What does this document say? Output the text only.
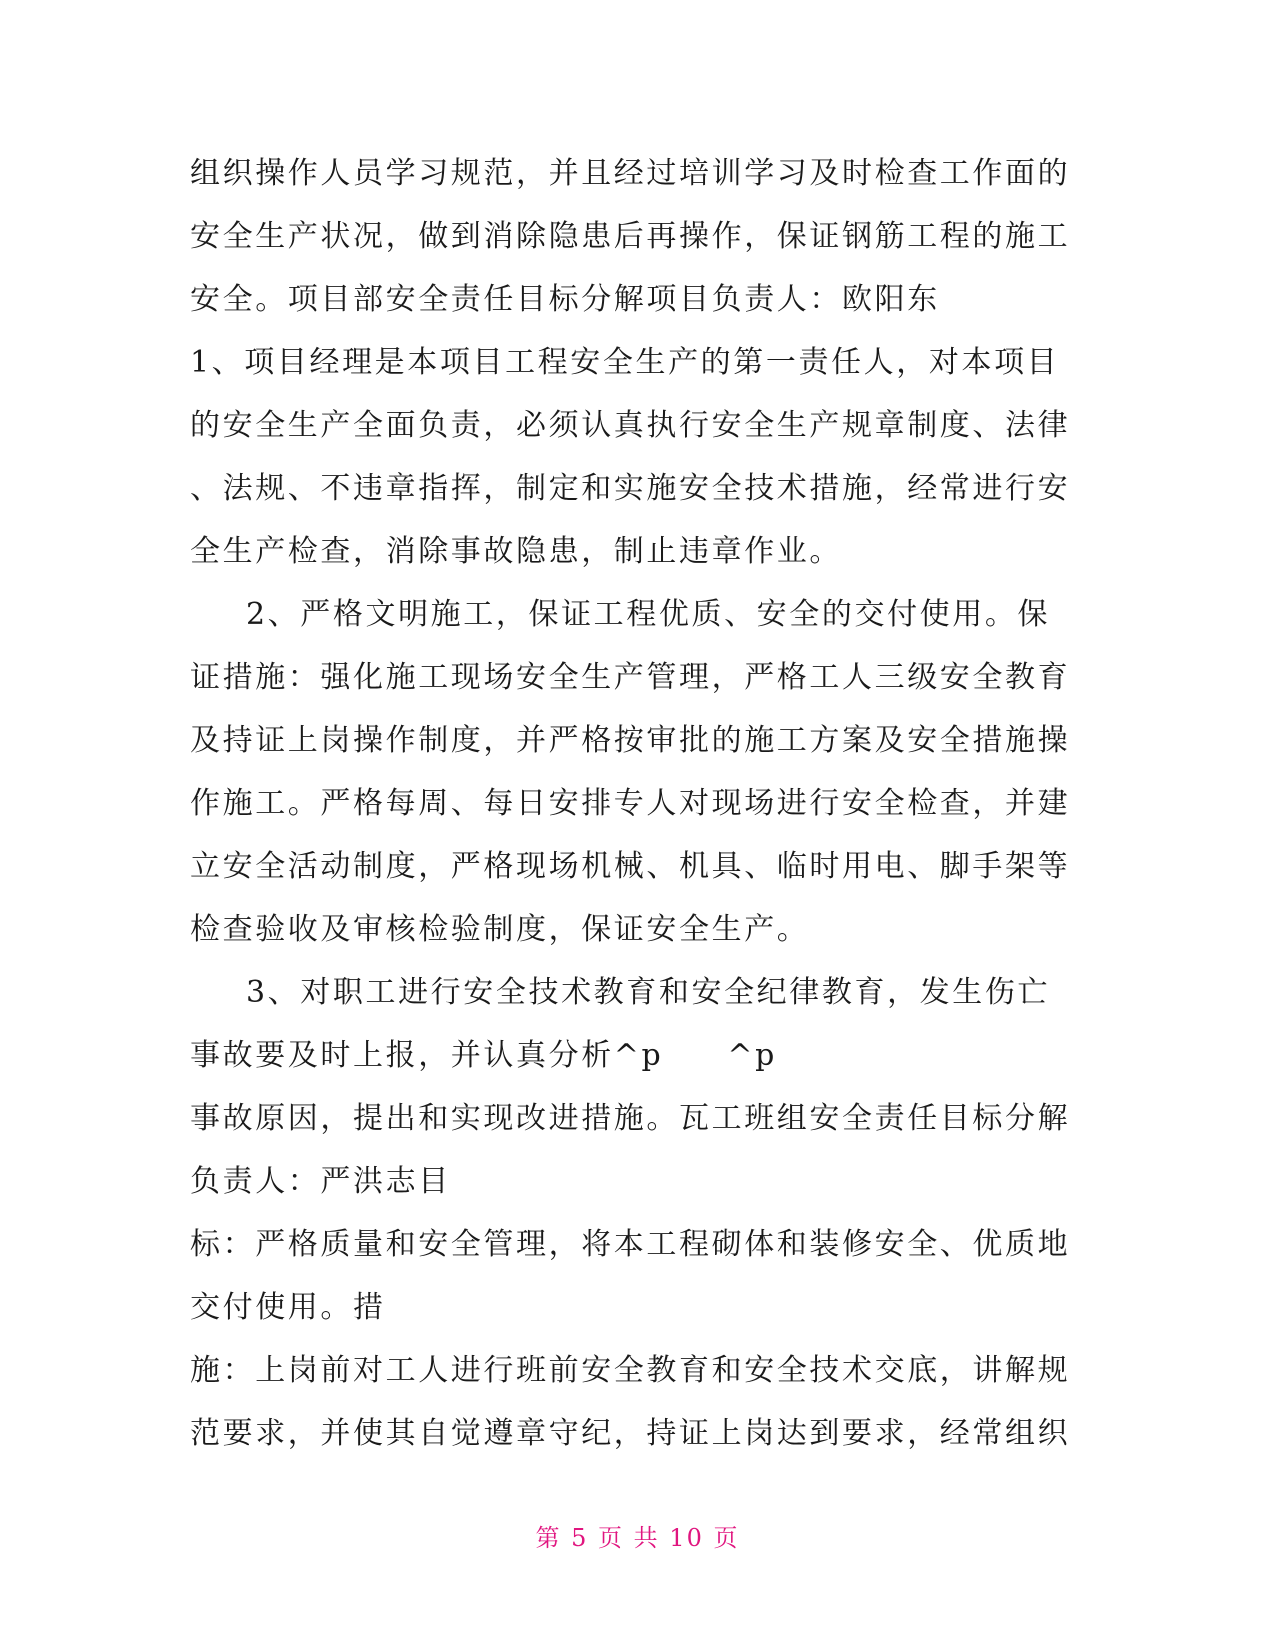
组织操作人员学习规范，并且经过培训学习及时检查工作面的
安全生产状况，做到消除隐患后再操作，保证钢筋工程的施工
安全。项目部安全责任目标分解项目负责人：欧阳东
1、项目经理是本项目工程安全生产的第一责任人，对本项目
的安全生产全面负责，必须认真执行安全生产规章制度、法律
、法规、不违章指挥，制定和实施安全技术措施，经常进行安
全生产检查，消除事故隐患，制止违章作业。
2、严格文明施工，保证工程优质、安全的交付使用。保
证措施：强化施工现场安全生产管理，严格工人三级安全教育
及持证上岗操作制度，并严格按审批的施工方案及安全措施操
作施工。严格每周、每日安排专人对现场进行安全检查，并建
立安全活动制度，严格现场机械、机具、临时用电、脚手架等
检查验收及审核检验制度，保证安全生产。
3、对职工进行安全技术教育和安全纪律教育，发生伤亡
事故要及时上报，并认真分析^p ^p
事故原因，提出和实现改进措施。瓦工班组安全责任目标分解
负责人：严洪志目
标：严格质量和安全管理，将本工程砌体和装修安全、优质地
交付使用。措
施：上岗前对工人进行班前安全教育和安全技术交底，讲解规
范要求，并使其自觉遵章守纪，持证上岗达到要求，经常组织
第 5 页 共 10 页
